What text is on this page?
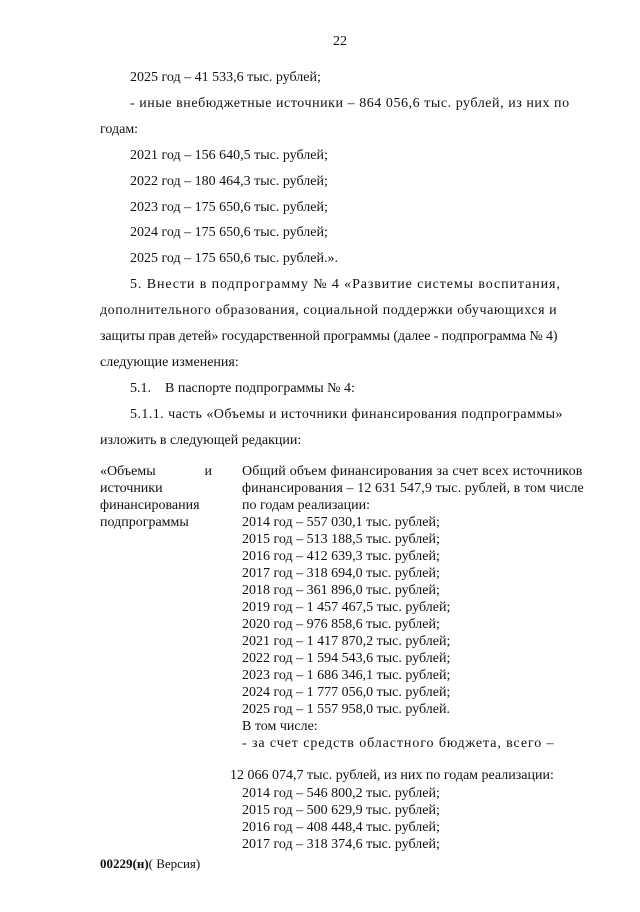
22
2025 год – 41 533,6 тыс. рублей;
- иные внебюджетные источники – 864 056,6 тыс. рублей, из них по
годам:
2021 год – 156 640,5 тыс. рублей;
2022 год – 180 464,3 тыс. рублей;
2023 год – 175 650,6 тыс. рублей;
2024 год – 175 650,6 тыс. рублей;
2025 год – 175 650,6 тыс. рублей.».
5. Внести в подпрограмму № 4 «Развитие системы воспитания,
дополнительного образования, социальной поддержки обучающихся и
защиты прав детей» государственной программы (далее - подпрограмма № 4)
следующие изменения:
5.1.    В паспорте подпрограммы № 4:
5.1.1. часть «Объемы и источники финансирования подпрограммы»
изложить в следующей редакции:
«Объемы	и
источники
финансирования
подпрограммы
Общий объем финансирования за счет всех источников
финансирования – 12 631 547,9 тыс. рублей, в том числе
по годам реализации:
2014 год – 557 030,1 тыс. рублей;
2015 год – 513 188,5 тыс. рублей;
2016 год – 412 639,3 тыс. рублей;
2017 год – 318 694,0 тыс. рублей;
2018 год – 361 896,0 тыс. рублей;
2019 год – 1 457 467,5 тыс. рублей;
2020 год – 976 858,6 тыс. рублей;
2021 год – 1 417 870,2 тыс. рублей;
2022 год – 1 594 543,6 тыс. рублей;
2023 год – 1 686 346,1 тыс. рублей;
2024 год – 1 777 056,0 тыс. рублей;
2025 год – 1 557 958,0 тыс. рублей.
В том числе:
- за счет средств областного бюджета, всего –
12 066 074,7 тыс. рублей, из них по годам реализации:
2014 год – 546 800,2 тыс. рублей;
2015 год – 500 629,9 тыс. рублей;
2016 год – 408 448,4 тыс. рублей;
2017 год – 318 374,6 тыс. рублей;
00229(н)( Версия)
